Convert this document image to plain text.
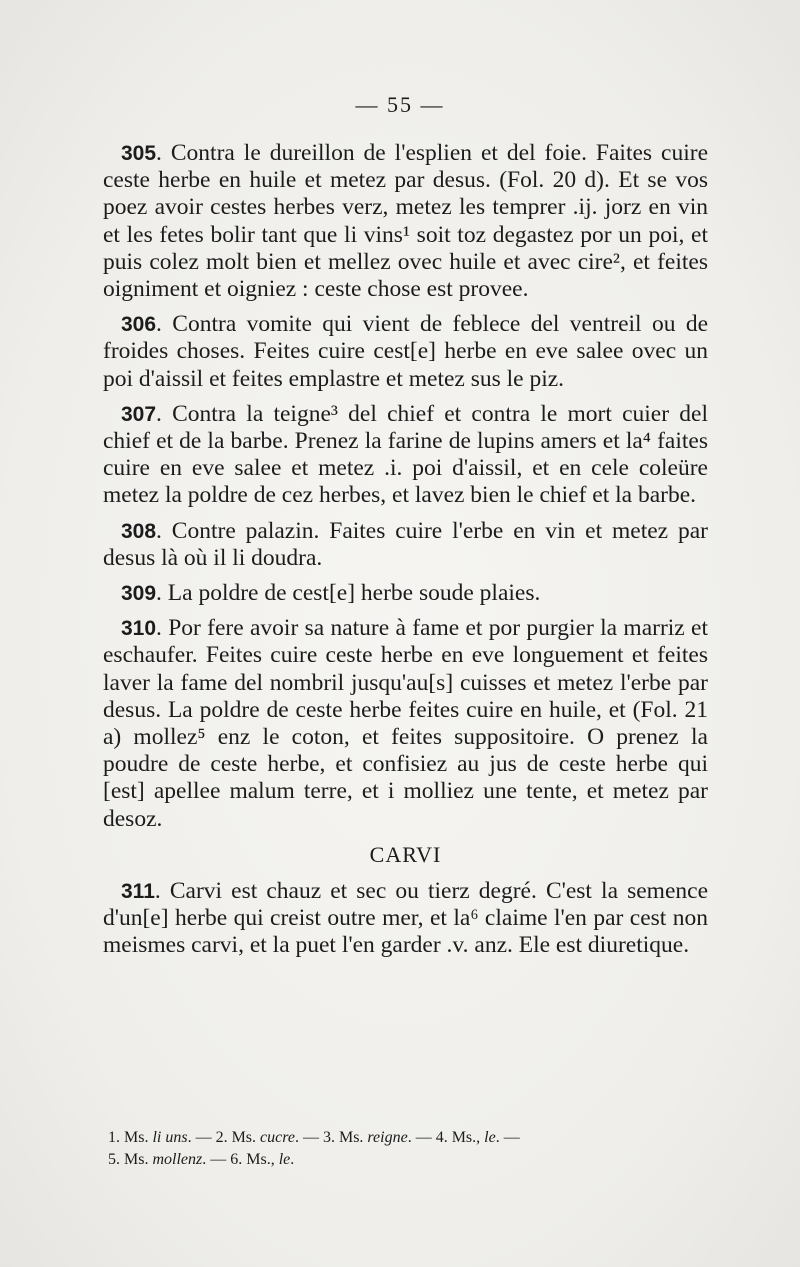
— 55 —

305. Contra le dureillon de l'esplien et del foie. Faites cuire ceste herbe en huile et metez par desus. (Fol. 20 d). Et se vos poez avoir cestes herbes verz, metez les temprer .ij. jorz en vin et les fetes bolir tant que li vins¹ soit toz degastez por un poi, et puis colez molt bien et mellez ovec huile et avec cire², et feites oigniment et oigniez : ceste chose est provee.

306. Contra vomite qui vient de feblece del ventreil ou de froides choses. Feites cuire cest[e] herbe en eve salee ovec un poi d'aissil et feites emplastre et metez sus le piz.

307. Contra la teigne³ del chief et contra le mort cuier del chief et de la barbe. Prenez la farine de lupins amers et la⁴ faites cuire en eve salee et metez .i. poi d'aissil, et en cele coleüre metez la poldre de cez herbes, et lavez bien le chief et la barbe.

308. Contre palazin. Faites cuire l'erbe en vin et metez par desus là où il li doudra.

309. La poldre de cest[e] herbe soude plaies.

310. Por fere avoir sa nature à fame et por purgier la marriz et eschaufer. Feites cuire ceste herbe en eve longuement et feites laver la fame del nombril jusqu'au[s] cuisses et metez l'erbe par desus. La poldre de ceste herbe feites cuire en huile, et (Fol. 21 a) mollez⁵ enz le coton, et feites suppositoire. O prenez la poudre de ceste herbe, et confisiez au jus de ceste herbe qui [est] apellee malum terre, et i molliez une tente, et metez par desoz.

CARVI

311. Carvi est chauz et sec ou tierz degré. C'est la semence d'un[e] herbe qui creist outre mer, et la⁶ claime l'en par cest non meismes carvi, et la puet l'en garder .v. anz. Ele est diuretique.

1. Ms. li uns. — 2. Ms. cucre. — 3. Ms. reigne. — 4. Ms., le. —
5. Ms. mollenz. — 6. Ms., le.
